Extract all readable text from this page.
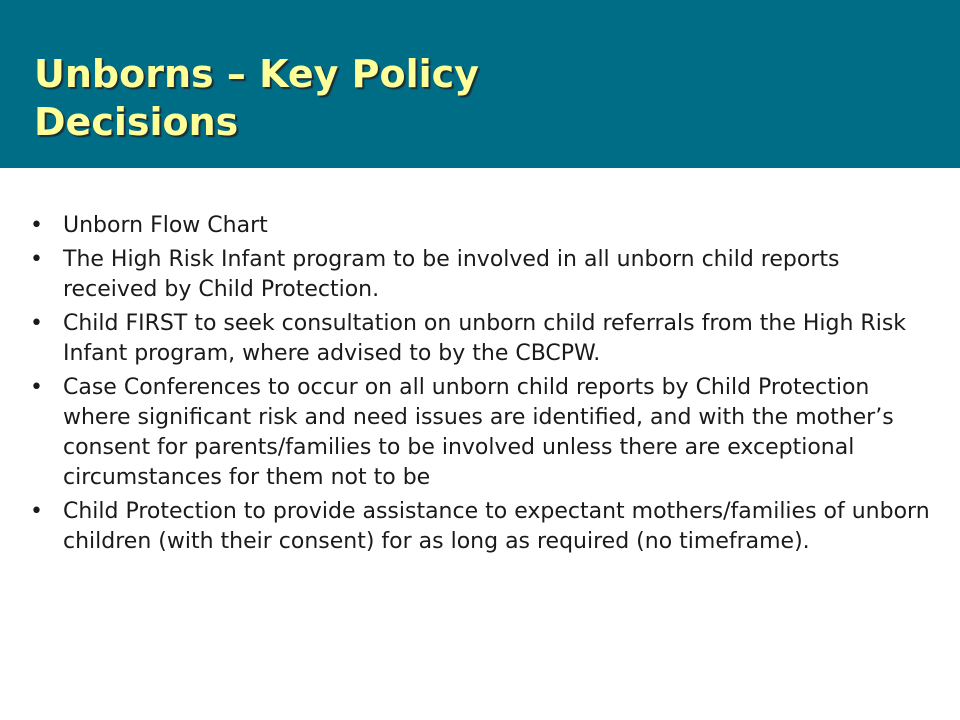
Unborns – Key Policy
Decisions
• Unborn Flow Chart
• The High Risk Infant program to be involved in all unborn child reports received by Child Protection.
• Child FIRST to seek consultation on unborn child referrals from the High Risk Infant program, where advised to by the CBCPW.
• Case Conferences to occur on all unborn child reports by Child Protection where significant risk and need issues are identified, and with the mother’s consent for parents/families to be involved unless there are exceptional circumstances for them not to be
• Child Protection to provide assistance to expectant mothers/families of unborn children (with their consent) for as long as required (no timeframe).
